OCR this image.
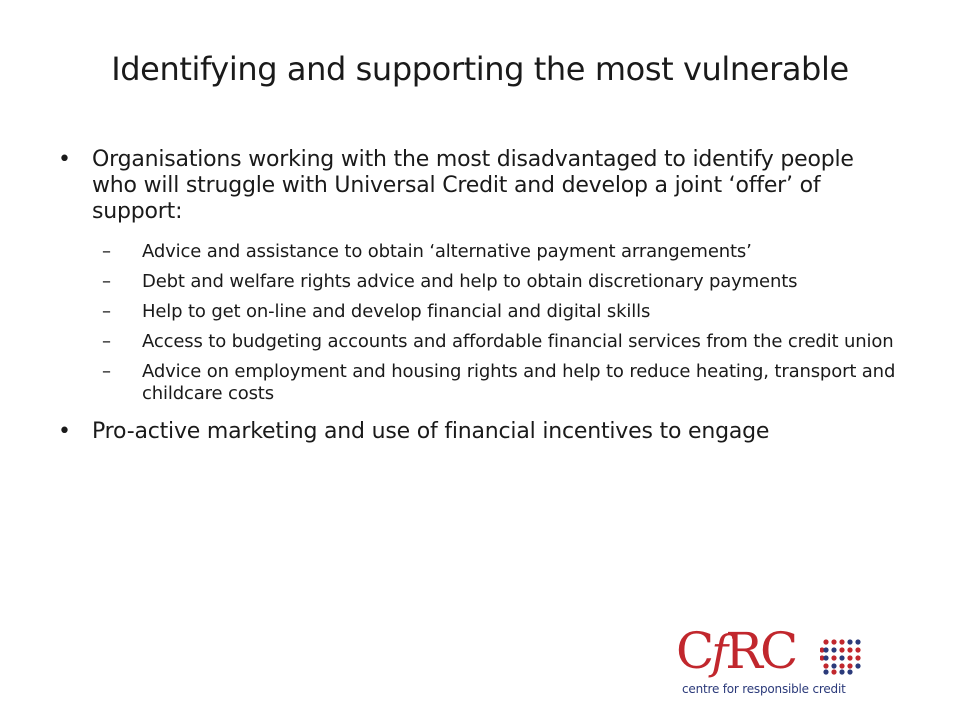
Identifying and supporting the most vulnerable
• Organisations working with the most disadvantaged to identify people who will struggle with Universal Credit and develop a joint ‘offer’ of support:
– Advice and assistance to obtain ‘alternative payment arrangements’
– Debt and welfare rights advice and help to obtain discretionary payments
– Help to get on-line and develop financial and digital skills
– Access to budgeting accounts and affordable financial services from the credit union
– Advice on employment and housing rights and help to reduce heating, transport and childcare costs
• Pro-active marketing and use of financial incentives to engage
CfRC
centre for responsible credit
